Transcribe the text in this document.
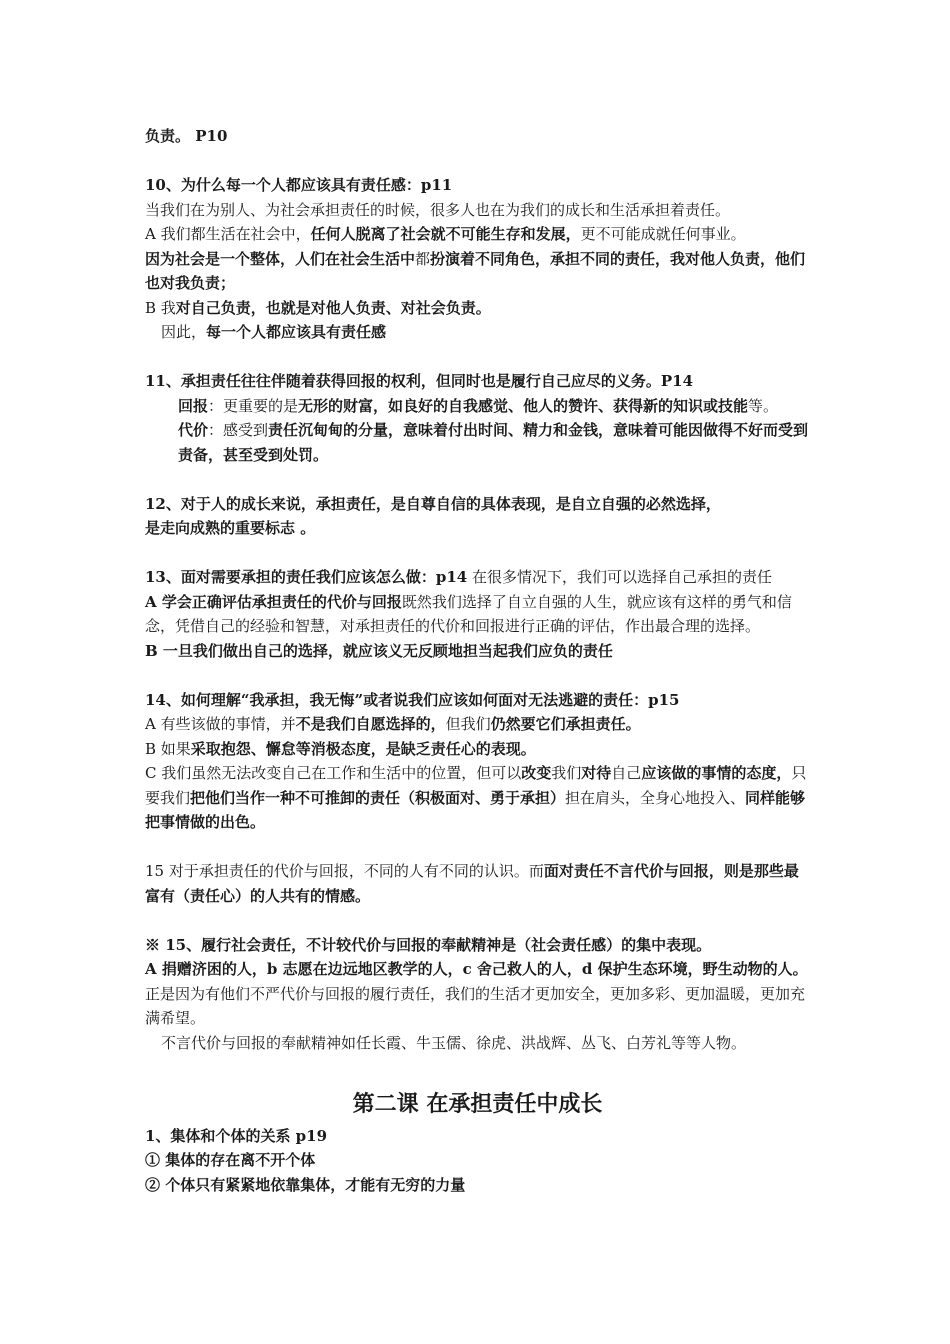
负责。 P10

10、为什么每一个人都应该具有责任感：p11

当我们在为别人、为社会承担责任的时候，很多人也在为我们的成长和生活承担着责任。

A 我们都生活在社会中，任何人脱离了社会就不可能生存和发展，更不可能成就任何事业。

因为社会是一个整体，人们在社会生活中都扮演着不同角色，承担不同的责任，我对他人负责，他们也对我负责；

B 我对自己负责，也就是对他人负责、对社会负责。

因此，每一个人都应该具有责任感

11、承担责任往往伴随着获得回报的权利，但同时也是履行自己应尽的义务。P14

回报：更重要的是无形的财富，如良好的自我感觉、他人的赞许、获得新的知识或技能等。

代价：感受到责任沉甸甸的分量，意味着付出时间、精力和金钱，意味着可能因做得不好而受到责备，甚至受到处罚。

12、对于人的成长来说，承担责任，是自尊自信的具体表现，是自立自强的必然选择，

是走向成熟的重要标志 。

13、面对需要承担的责任我们应该怎么做：p14 在很多情况下，我们可以选择自己承担的责任

A 学会正确评估承担责任的代价与回报既然我们选择了自立自强的人生，就应该有这样的勇气和信念，凭借自己的经验和智慧，对承担责任的代价和回报进行正确的评估，作出最合理的选择。

B 一旦我们做出自己的选择，就应该义无反顾地担当起我们应负的责任

14、如何理解“我承担，我无悔”或者说我们应该如何面对无法逃避的责任：p15

A 有些该做的事情，并不是我们自愿选择的，但我们仍然要它们承担责任。

B 如果采取抱怨、懈怠等消极态度，是缺乏责任心的表现。

C 我们虽然无法改变自己在工作和生活中的位置，但可以改变我们对待自己应该做的事情的态度，只要我们把他们当作一种不可推卸的责任（积极面对、勇于承担）担在肩头，全身心地投入、同样能够把事情做的出色。

15 对于承担责任的代价与回报，不同的人有不同的认识。而面对责任不言代价与回报，则是那些最富有（责任心）的人共有的情感。

※ 15、履行社会责任，不计较代价与回报的奉献精神是（社会责任感）的集中表现。

A 捐赠济困的人，b 志愿在边远地区教学的人，c 舍己救人的人，d 保护生态环境，野生动物的人。正是因为有他们不严代价与回报的履行责任，我们的生活才更加安全，更加多彩、更加温暖，更加充满希望。

不言代价与回报的奉献精神如任长霞、牛玉儒、徐虎、洪战辉、丛飞、白芳礼等等人物。

第二课 在承担责任中成长

1、集体和个体的关系 p19

① 集体的存在离不开个体

② 个体只有紧紧地依靠集体，才能有无穷的力量
